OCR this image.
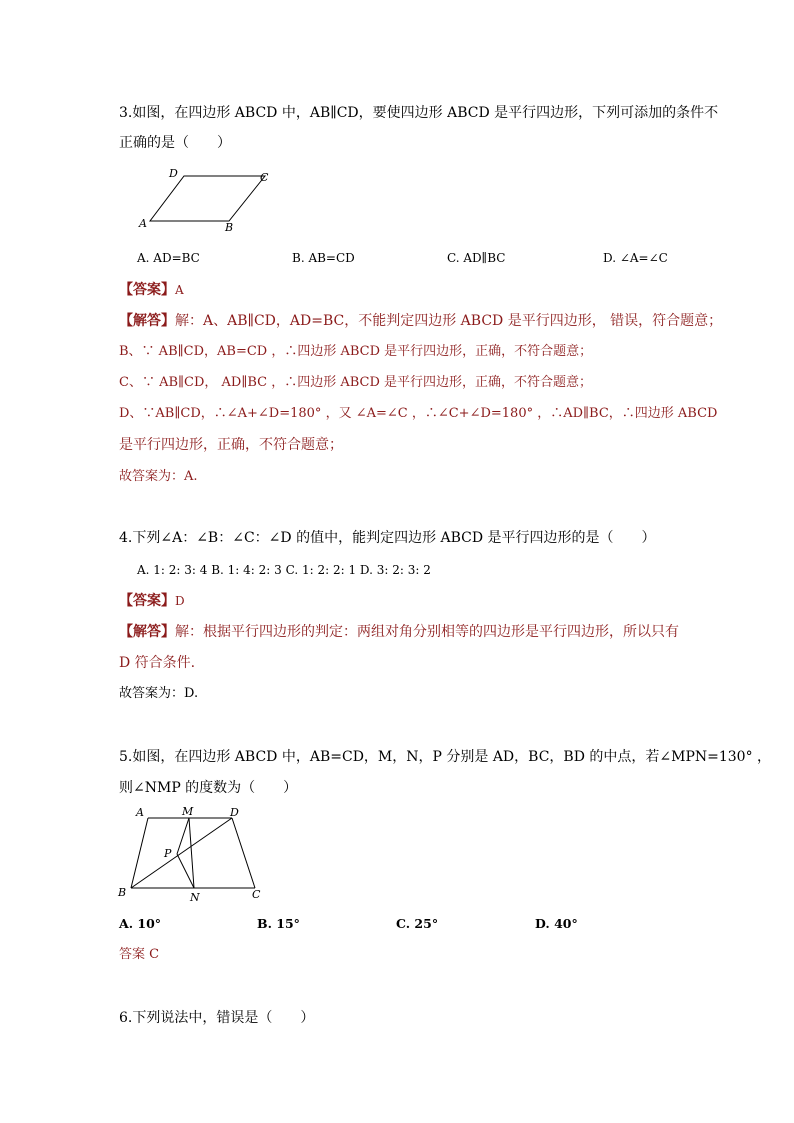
3.如图，在四边形 ABCD 中，AB∥CD，要使四边形 ABCD 是平行四边形，下列可添加的条件不
正确的是（　　）
D	C
A	B
A. AD=BC	B. AB=CD	C. AD∥BC	D. ∠A=∠C
【答案】A
【解答】解：A、AB∥CD，AD=BC，不能判定四边形 ABCD 是平行四边形， 错误，符合题意；
B、∵ AB∥CD，AB=CD ，∴四边形 ABCD 是平行四边形，正确，不符合题意；
C、∵ AB∥CD， AD∥BC ，∴四边形 ABCD 是平行四边形，正确，不符合题意；
D、∵AB∥CD，∴∠A+∠D=180° ，又 ∠A=∠C ，∴∠C+∠D=180° ，∴AD∥BC，∴四边形 ABCD
是平行四边形，正确，不符合题意；
故答案为：A.
4.下列∠A：∠B：∠C：∠D 的值中，能判定四边形 ABCD 是平行四边形的是（　　）
A. 1: 2: 3: 4 B. 1: 4: 2: 3 C. 1: 2: 2: 1 D. 3: 2: 3: 2
【答案】D
【解答】解：根据平行四边形的判定：两组对角分别相等的四边形是平行四边形，所以只有
D 符合条件.
故答案为：D.
5.如图，在四边形 ABCD 中，AB=CD，M，N，P 分别是 AD，BC，BD 的中点，若∠MPN=130° ，
则∠NMP 的度数为（　　）
A	M	D
P
B	N	C
A. 10°	B. 15°	C. 25°	D. 40°
答案 C
6.下列说法中，错误是（　　）
